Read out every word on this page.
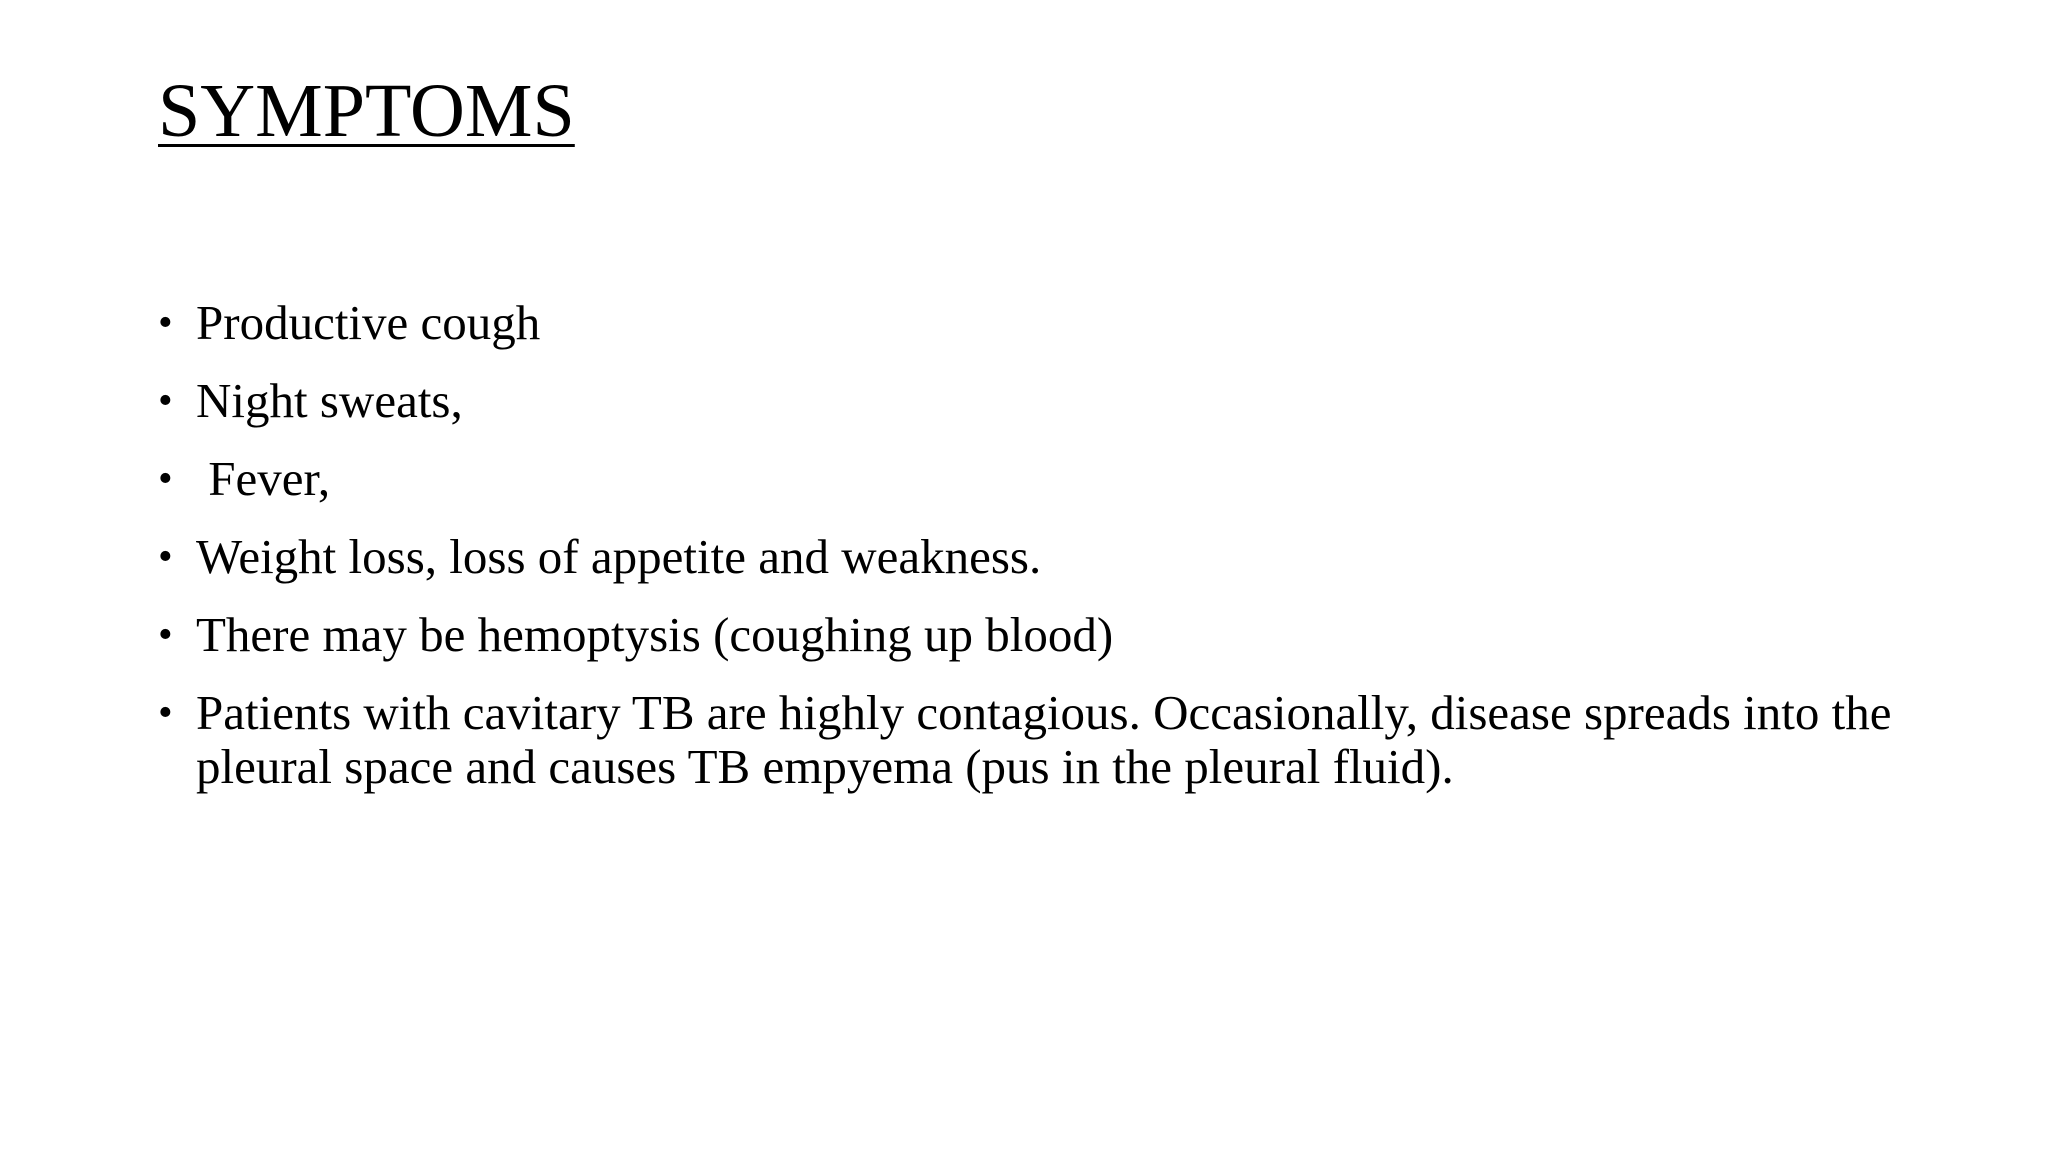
SYMPTOMS
• Productive cough
• Night sweats,
• Fever,
• Weight loss, loss of appetite and weakness.
• There may be hemoptysis (coughing up blood)
• Patients with cavitary TB are highly contagious. Occasionally, disease spreads into the pleural space and causes TB empyema (pus in the pleural fluid).
